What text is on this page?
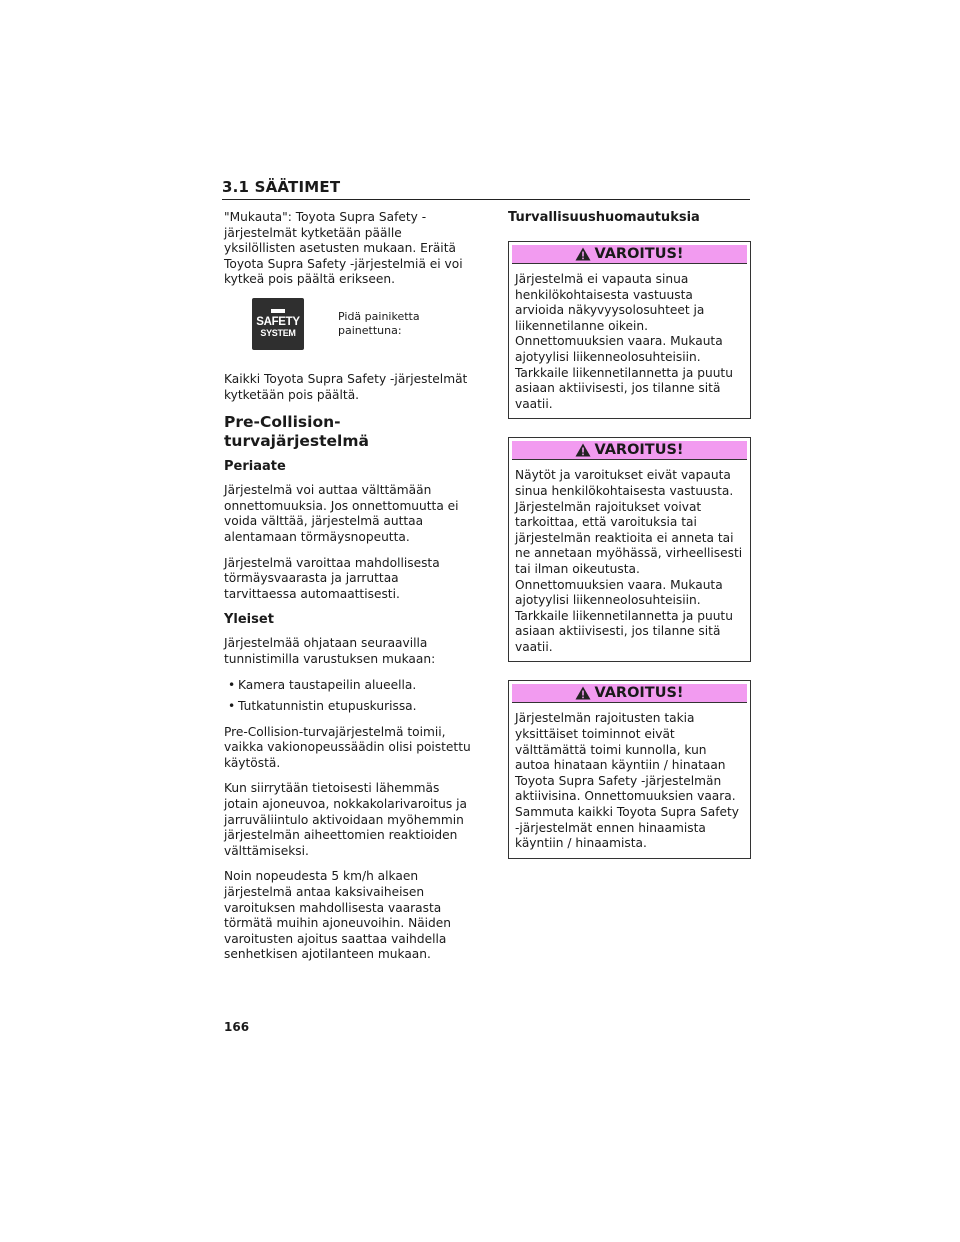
3.1 SÄÄTIMET

"Mukauta": Toyota Supra Safety -järjestelmät kytketään päälle yksilöllisten asetusten mukaan. Eräitä Toyota Supra Safety -järjestelmiä ei voi kytkeä pois päältä erikseen.

SAFETY
SYSTEM
Pidä painiketta painettuna:

Kaikki Toyota Supra Safety -järjestelmät kytketään pois päältä.

Pre-Collision-turvajärjestelmä
Periaate

Järjestelmä voi auttaa välttämään onnettomuuksia. Jos onnettomuutta ei voida välttää, järjestelmä auttaa alentamaan törmäysnopeutta.

Järjestelmä varoittaa mahdollisesta törmäysvaarasta ja jarruttaa tarvittaessa automaattisesti.

Yleiset

Järjestelmää ohjataan seuraavilla tunnistimilla varustuksen mukaan:

• Kamera taustapeilin alueella.
• Tutkatunnistin etupuskurissa.

Pre-Collision-turvajärjestelmä toimii, vaikka vakionopeussäädin olisi poistettu käytöstä.

Kun siirrytään tietoisesti lähemmäs jotain ajoneuvoa, nokkakolarivaroitus ja jarruväliintulo aktivoidaan myöhemmin järjestelmän aiheettomien reaktioiden välttämiseksi.

Noin nopeudesta 5 km/h alkaen järjestelmä antaa kaksivaiheisen varoituksen mahdollisesta vaarasta törmätä muihin ajoneuvoihin. Näiden varoitusten ajoitus saattaa vaihdella senhetkisen ajotilanteen mukaan.

Turvallisuushuomautuksia
VAROITUS!
Järjestelmä ei vapauta sinua henkilökohtaisesta vastuusta arvioida näkyvyysolosuhteet ja liikennetilanne oikein. Onnettomuuksien vaara. Mukauta ajotyylisi liikenneolosuhteisiin. Tarkkaile liikennetilannetta ja puutu asiaan aktiivisesti, jos tilanne sitä vaatii.
VAROITUS!
Näytöt ja varoitukset eivät vapauta sinua henkilökohtaisesta vastuusta. Järjestelmän rajoitukset voivat tarkoittaa, että varoituksia tai järjestelmän reaktioita ei anneta tai ne annetaan myöhässä, virheellisesti tai ilman oikeutusta. Onnettomuuksien vaara. Mukauta ajotyylisi liikenneolosuhteisiin. Tarkkaile liikennetilannetta ja puutu asiaan aktiivisesti, jos tilanne sitä vaatii.
VAROITUS!
Järjestelmän rajoitusten takia yksittäiset toiminnot eivät välttämättä toimi kunnolla, kun autoa hinataan käyntiin / hinataan Toyota Supra Safety -järjestelmän aktiivisina. Onnettomuuksien vaara. Sammuta kaikki Toyota Supra Safety -järjestelmät ennen hinaamista käyntiin / hinaamista.
166
